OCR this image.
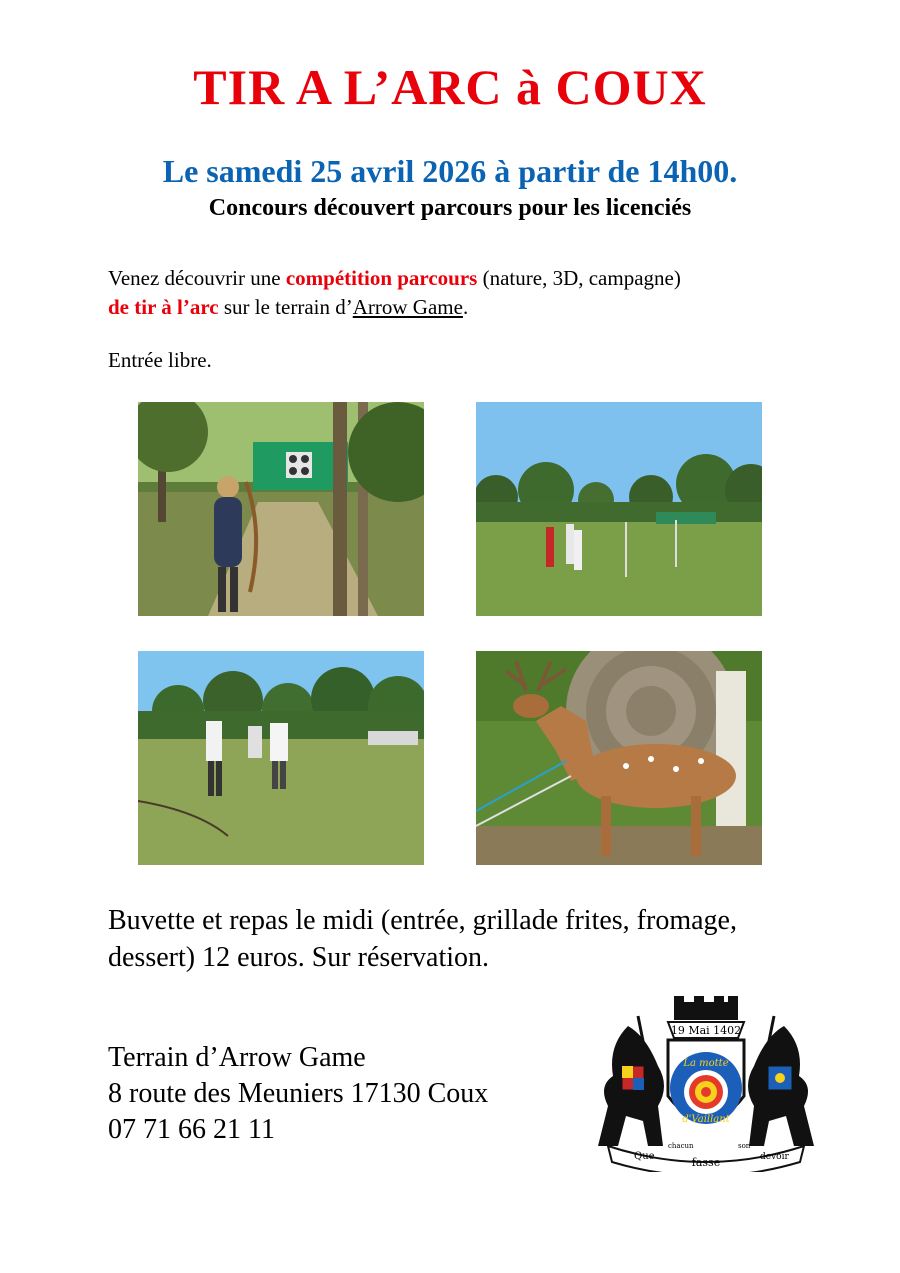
TIR A L’ARC à COUX
Le samedi 25 avril 2026 à partir de 14h00.
Concours découvert parcours pour les licenciés
Venez découvrir une compétition parcours (nature, 3D, campagne)
de tir à l’arc sur le terrain d’Arrow Game.
Entrée libre.
Buvette et repas le midi (entrée, grillade frites, fromage,
dessert) 12 euros. Sur réservation.
Terrain d’Arrow Game
8 route des Meuniers 17130 Coux
07 71 66 21 11
19 Mai 1402
La motte
d'Vaillant
Que
chacun
fasse
son
devoir
